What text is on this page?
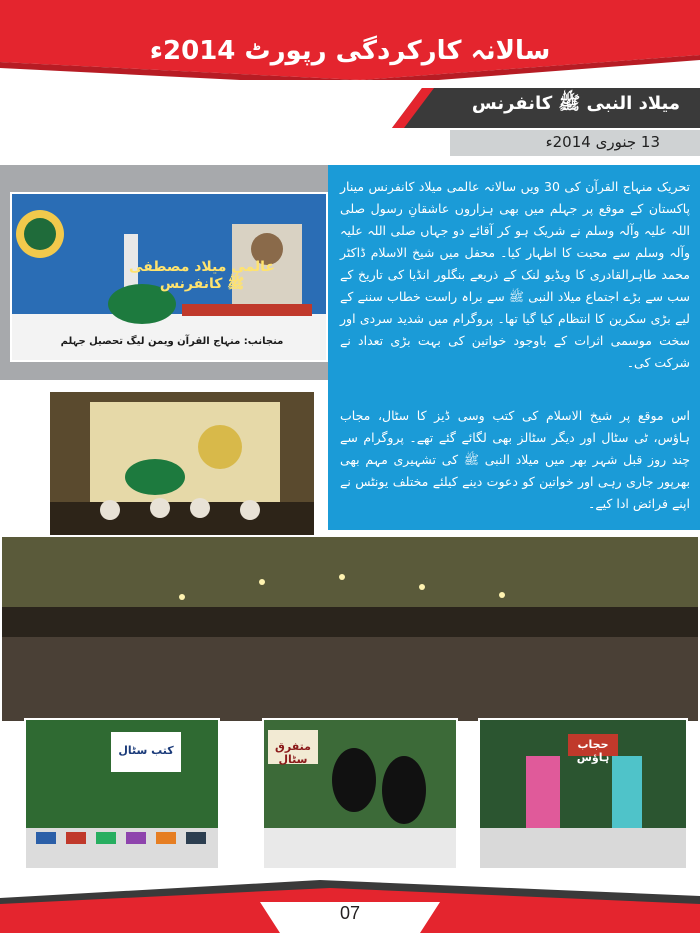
سالانہ کارکردگی رپورٹ 2014ء
میلاد النبی ﷺ کانفرنس
13 جنوری 2014ء
تحریک منہاج القرآن کی 30 ویں سالانہ عالمی میلاد کانفرنس مینار پاکستان کے موقع پر جہلم میں بھی ہزاروں عاشقانِ رسول صلی اللہ علیہ وآلہ وسلم نے شریک ہو کر آقائے دو جہاں صلی اللہ علیہ وآلہ وسلم سے محبت کا اظہار کیا۔ محفل میں شیخ الاسلام ڈاکٹر محمد طاہرالقادری کا ویڈیو لنک کے ذریعے بنگلور انڈیا کی تاریخ کے سب سے بڑے اجتماع میلاد النبی ﷺ سے براہ راست خطاب سننے کے لیے بڑی سکرین کا انتظام کیا گیا تھا۔ پروگرام میں شدید سردی اور سخت موسمی اثرات کے باوجود خواتین کی بہت بڑی تعداد نے شرکت کی۔
اس موقع پر شیخ الاسلام کی کتب وسی ڈیز کا سٹال، مجاب ہاؤس، ٹی سٹال اور دیگر سٹالز بھی لگائے گئے تھے۔ پروگرام سے چند روز قبل شہر بھر میں میلاد النبی ﷺ کی تشہیری مہم بھی بھرپور جاری رہی اور خواتین کو دعوت دینے کیلئے مختلف یونٹس نے اپنے فرائض ادا کیے۔
عالمی میلاد مصطفی ﷺ کانفرنس
منجانب: منہاج القرآن ویمن لیگ تحصیل جہلم
کتب سٹال	متفرق سٹال
حجاب ہاؤس
07
